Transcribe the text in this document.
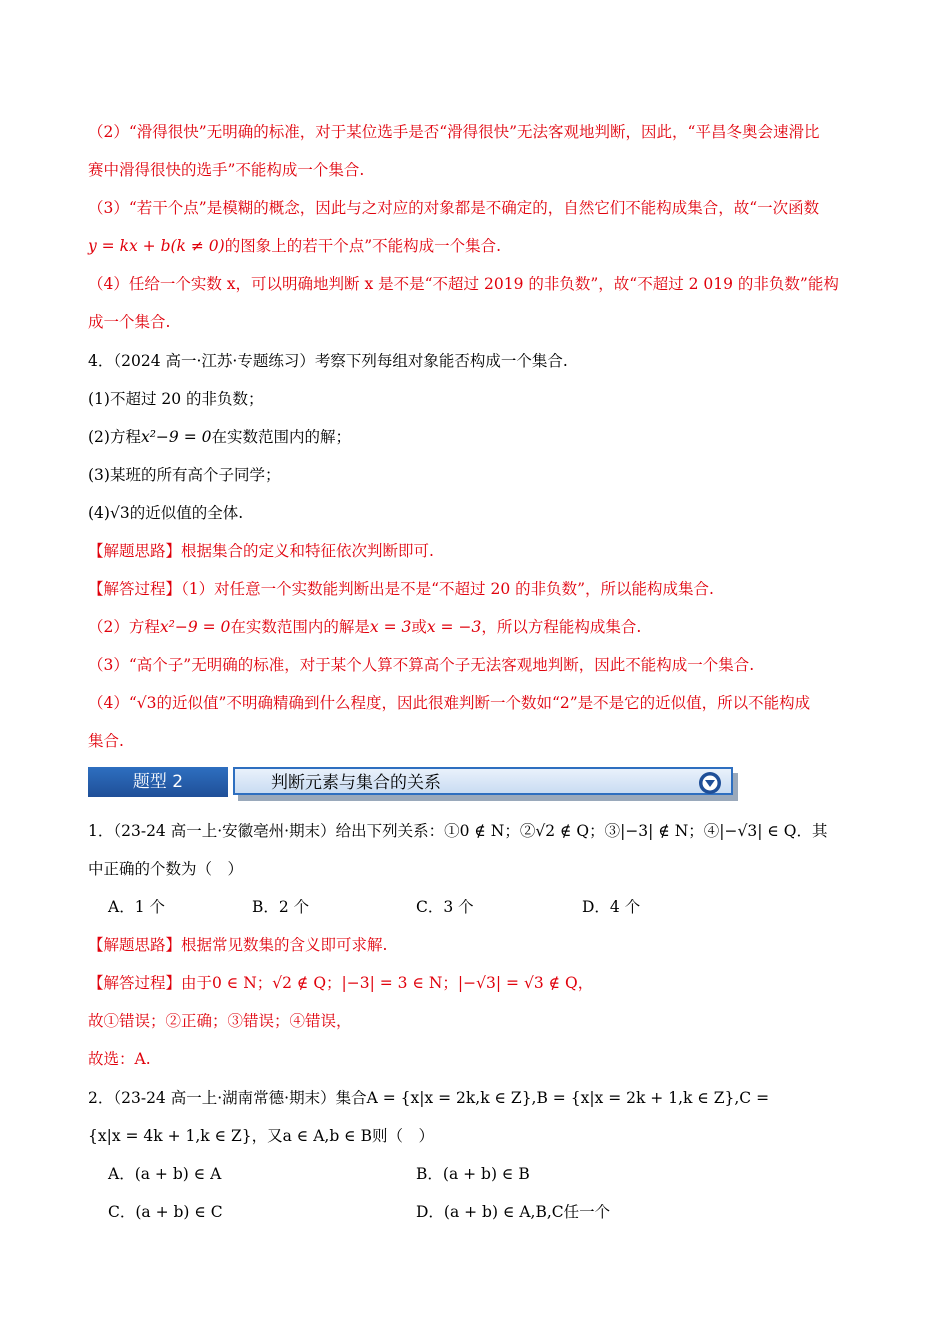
（2）“滑得很快”无明确的标准，对于某位选手是否“滑得很快”无法客观地判断，因此，“平昌冬奥会速滑比
赛中滑得很快的选手”不能构成一个集合.
（3）“若干个点”是模糊的概念，因此与之对应的对象都是不确定的，自然它们不能构成集合，故“一次函数
y = kx + b(k ≠ 0)的图象上的若干个点”不能构成一个集合.
（4）任给一个实数 x，可以明确地判断 x 是不是“不超过 2019 的非负数”，故“不超过 2 019 的非负数”能构
成一个集合.
4．（2024 高一·江苏·专题练习）考察下列每组对象能否构成一个集合.
(1)不超过 20 的非负数；
(2)方程x²−9 = 0在实数范围内的解；
(3)某班的所有高个子同学；
(4)√3的近似值的全体.
【解题思路】根据集合的定义和特征依次判断即可.
【解答过程】（1）对任意一个实数能判断出是不是“不超过 20 的非负数”，所以能构成集合.
（2）方程x²−9 = 0在实数范围内的解是x = 3或x = −3，所以方程能构成集合.
（3）“高个子”无明确的标准，对于某个人算不算高个子无法客观地判断，因此不能构成一个集合.
（4）“√3的近似值”不明确精确到什么程度，因此很难判断一个数如“2”是不是它的近似值，所以不能构成
集合.
题型 2	判断元素与集合的关系
1．（23-24 高一上·安徽亳州·期末）给出下列关系：①0 ∉ N；②√2 ∉ Q；③|−3| ∉ N；④|−√3| ∈ Q．其
中正确的个数为（　）
A．1 个	B．2 个	C．3 个	D．4 个
【解题思路】根据常见数集的含义即可求解.
【解答过程】由于0 ∈ N；√2 ∉ Q；|−3| = 3 ∈ N；|−√3| = √3 ∉ Q，
故①错误；②正确；③错误；④错误，
故选：A.
2．（23-24 高一上·湖南常德·期末）集合A = {x|x = 2k,k ∈ Z},B = {x|x = 2k + 1,k ∈ Z},C =
{x|x = 4k + 1,k ∈ Z}，又a ∈ A,b ∈ B则（　）
A．(a + b) ∈ A	B．(a + b) ∈ B
C．(a + b) ∈ C	D．(a + b) ∈ A,B,C任一个
